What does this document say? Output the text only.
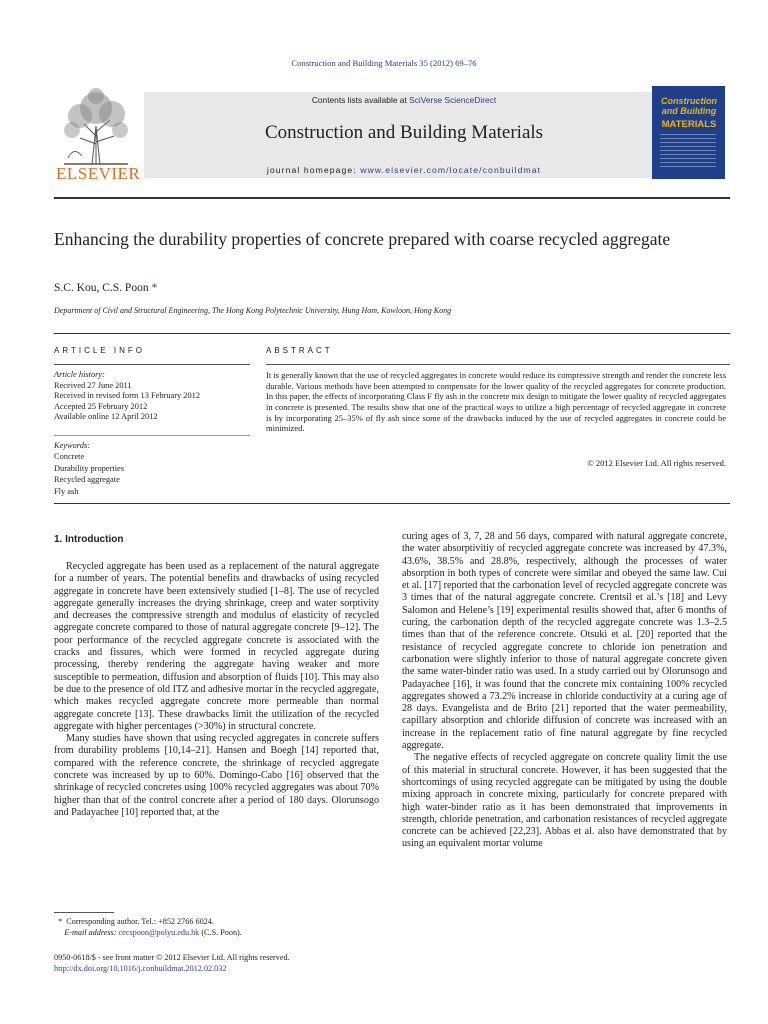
Construction and Building Materials 35 (2012) 69–76
ELSEVIER
Contents lists available at SciVerse ScienceDirect
Construction and Building Materials
journal homepage: www.elsevier.com/locate/conbuildmat
Construction and Building
MATERIALS
Enhancing the durability properties of concrete prepared with coarse recycled aggregate
S.C. Kou, C.S. Poon *
Department of Civil and Structural Engineering, The Hong Kong Polytechnic University, Hung Hom, Kowloon, Hong Kong
ARTICLE INFO	ABSTRACT
Article history:
Received 27 June 2011
Received in revised form 13 February 2012
Accepted 25 February 2012
Available online 12 April 2012
Keywords:
Concrete
Durability properties
Recycled aggregate
Fly ash
It is generally known that the use of recycled aggregates in concrete would reduce its compressive strength and render the concrete less durable. Various methods have been attempted to compensate for the lower quality of the recycled aggregates for concrete production. In this paper, the effects of incorporating Class F fly ash in the concrete mix design to mitigate the lower quality of recycled aggregates in concrete is presented. The results show that one of the practical ways to utilize a high percentage of recycled aggregate in concrete is by incorporating 25–35% of fly ash since some of the drawbacks induced by the use of recycled aggregates in concrete could be minimized.
© 2012 Elsevier Ltd. All rights reserved.
1. Introduction

Recycled aggregate has been used as a replacement of the natural aggregate for a number of years. The potential benefits and drawbacks of using recycled aggregate in concrete have been extensively studied [1–8]. The use of recycled aggregate generally increases the drying shrinkage, creep and water sorptivity and decreases the compressive strength and modulus of elasticity of recycled aggregate concrete compared to those of natural aggregate concrete [9–12]. The poor performance of the recycled aggregate concrete is associated with the cracks and fissures, which were formed in recycled aggregate during processing, thereby rendering the aggregate having weaker and more susceptible to permeation, diffusion and absorption of fluids [10]. This may also be due to the presence of old ITZ and adhesive mortar in the recycled aggregate, which makes recycled aggregate concrete more permeable than normal aggregate concrete [13]. These drawbacks limit the utilization of the recycled aggregate with higher percentages (>30%) in structural concrete.

Many studies have shown that using recycled aggregates in concrete suffers from durability problems [10,14–21]. Hansen and Boegh [14] reported that, compared with the reference concrete, the shrinkage of recycled aggregate concrete was increased by up to 60%. Domingo-Cabo [16] observed that the shrinkage of recycled concretes using 100% recycled aggregates was about 70% higher than that of the control concrete after a period of 180 days. Olorunsogo and Padayachee [10] reported that, at the

curing ages of 3, 7, 28 and 56 days, compared with natural aggregate concrete, the water absorptivitiy of recycled aggregate concrete was increased by 47.3%, 43.6%, 38.5% and 28.8%, respectively, although the processes of water absorption in both types of concrete were similar and obeyed the same law. Cui et al. [17] reported that the carbonation level of recycled aggregate concrete was 3 times that of the natural aggregate concrete. Crentsil et al.’s [18] and Levy Salomon and Helene’s [19] experimental results showed that, after 6 months of curing, the carbonation depth of the recycled aggregate concrete was 1.3–2.5 times than that of the reference concrete. Otsuki et al. [20] reported that the resistance of recycled aggregate concrete to chloride ion penetration and carbonation were slightly inferior to those of natural aggregate concrete given the same water-binder ratio was used. In a study carried out by Olorunsogo and Padayachee [16], it was found that the concrete mix containing 100% recycled aggregates showed a 73.2% increase in chloride conductivity at a curing age of 28 days. Evangelista and de Brito [21] reported that the water permeability, capillary absorption and chloride diffusion of concrete was increased with an increase in the replacement ratio of fine natural aggregate by fine recycled aggregate.

The negative effects of recycled aggregate on concrete quality limit the use of this material in structural concrete. However, it has been suggested that the shortcomings of using recycled aggregate can be mitigated by using the double mixing approach in concrete mixing, particularly for concrete prepared with high water-binder ratio as it has been demonstrated that improvements in strength, chloride penetration, and carbonation resistances of recycled aggregate concrete can be achieved [22,23]. Abbas et al. also have demonstrated that by using an equivalent mortar volume

* Corresponding author. Tel.: +852 2766 6024.
E-mail address: cecspoon@polyu.edu.hk (C.S. Poon).
0950-0618/$ - see front matter © 2012 Elsevier Ltd. All rights reserved.
http://dx.doi.org/10.1016/j.conbuildmat.2012.02.032
